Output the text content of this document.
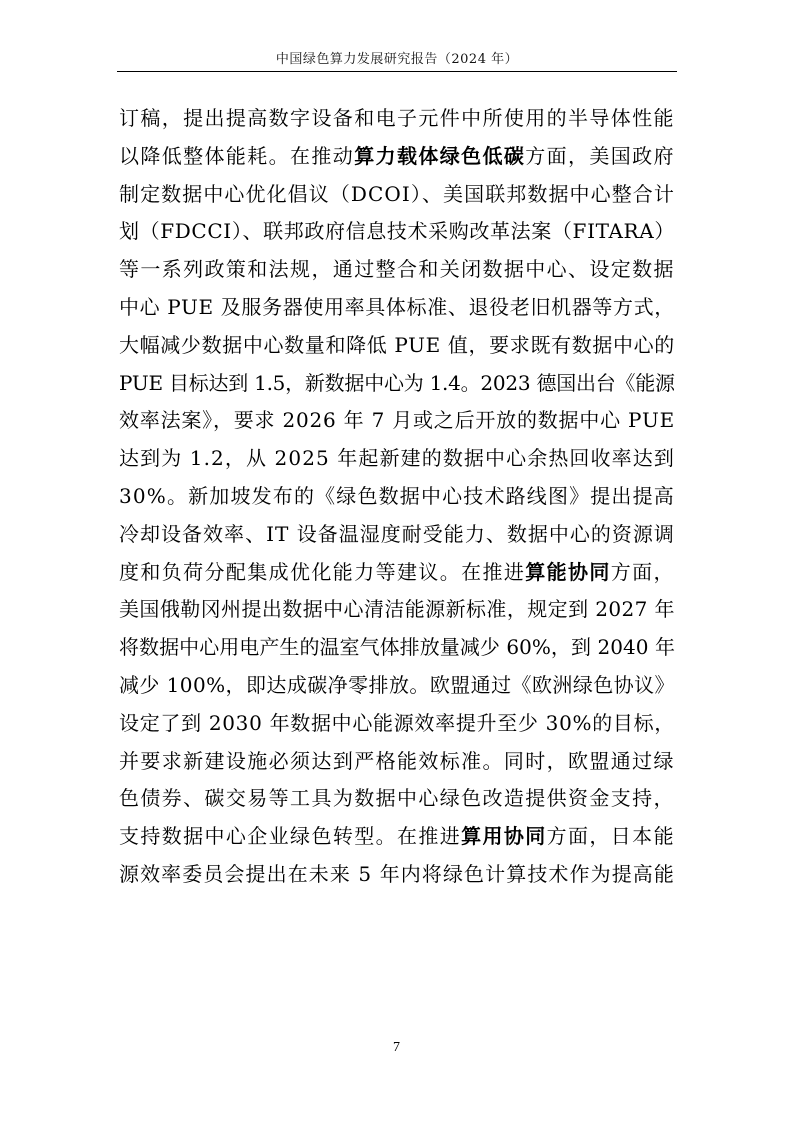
中国绿色算力发展研究报告（2024 年）
订稿，提出提高数字设备和电子元件中所使用的半导体性能
以降低整体能耗。在推动算力载体绿色低碳方面，美国政府
制定数据中心优化倡议（DCOI）、美国联邦数据中心整合计
划（FDCCI）、联邦政府信息技术采购改革法案（FITARA）
等一系列政策和法规，通过整合和关闭数据中心、设定数据
中心 PUE 及服务器使用率具体标准、退役老旧机器等方式，
大幅减少数据中心数量和降低 PUE 值，要求既有数据中心的
PUE 目标达到 1.5，新数据中心为 1.4。2023 德国出台《能源
效率法案》，要求 2026 年 7 月或之后开放的数据中心 PUE
达到为 1.2，从 2025 年起新建的数据中心余热回收率达到
30%。新加坡发布的《绿色数据中心技术路线图》提出提高
冷却设备效率、IT 设备温湿度耐受能力、数据中心的资源调
度和负荷分配集成优化能力等建议。在推进算能协同方面，
美国俄勒冈州提出数据中心清洁能源新标准，规定到 2027 年
将数据中心用电产生的温室气体排放量减少 60%，到 2040 年
减少 100%，即达成碳净零排放。欧盟通过《欧洲绿色协议》
设定了到 2030 年数据中心能源效率提升至少 30%的目标，
并要求新建设施必须达到严格能效标准。同时，欧盟通过绿
色债券、碳交易等工具为数据中心绿色改造提供资金支持，
支持数据中心企业绿色转型。在推进算用协同方面，日本能
源效率委员会提出在未来 5 年内将绿色计算技术作为提高能
7
